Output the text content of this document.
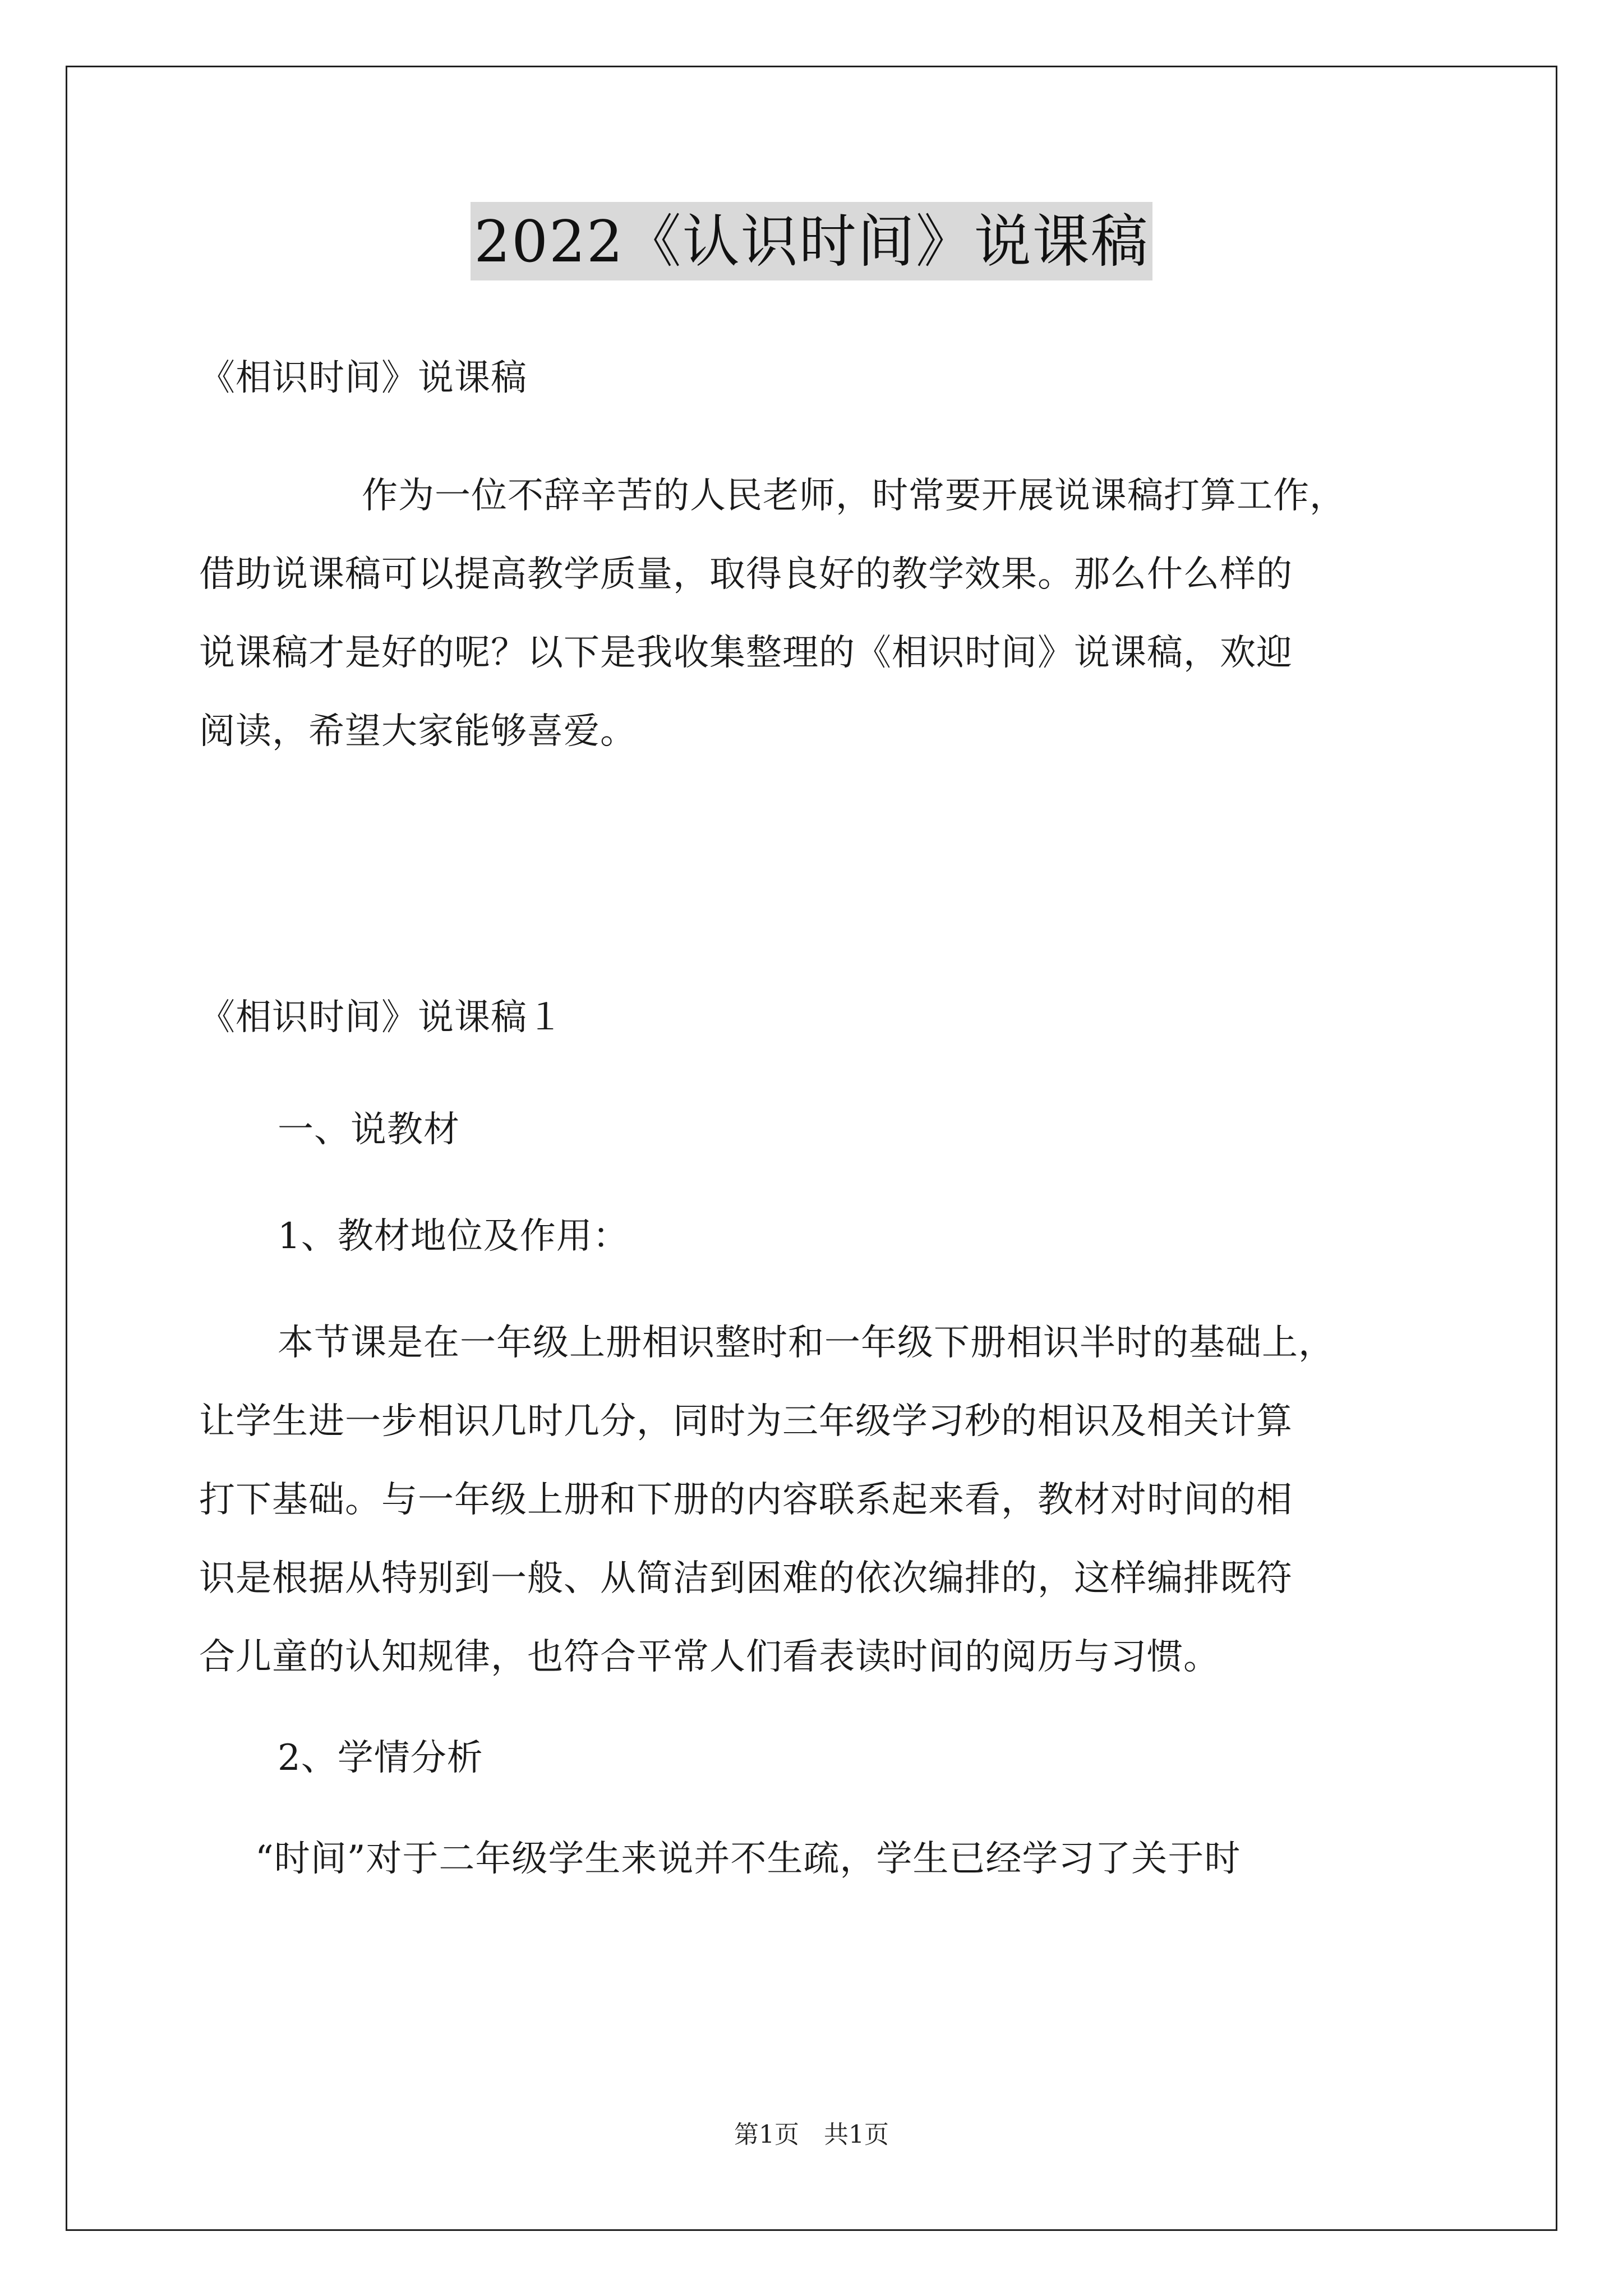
2022《认识时间》说课稿

《相识时间》说课稿

作为一位不辞辛苦的人民老师，时常要开展说课稿打算工作，

借助说课稿可以提高教学质量，取得良好的教学效果。那么什么样的

说课稿才是好的呢？以下是我收集整理的《相识时间》说课稿，欢迎

阅读，希望大家能够喜爱。

《相识时间》说课稿１

一、说教材

1、教材地位及作用：

本节课是在一年级上册相识整时和一年级下册相识半时的基础上，

让学生进一步相识几时几分，同时为三年级学习秒的相识及相关计算

打下基础。与一年级上册和下册的内容联系起来看，教材对时间的相

识是根据从特别到一般、从简洁到困难的依次编排的，这样编排既符

合儿童的认知规律，也符合平常人们看表读时间的阅历与习惯。

2、学情分析

“时间”对于二年级学生来说并不生疏，学生已经学习了关于时

第1页　共1页
